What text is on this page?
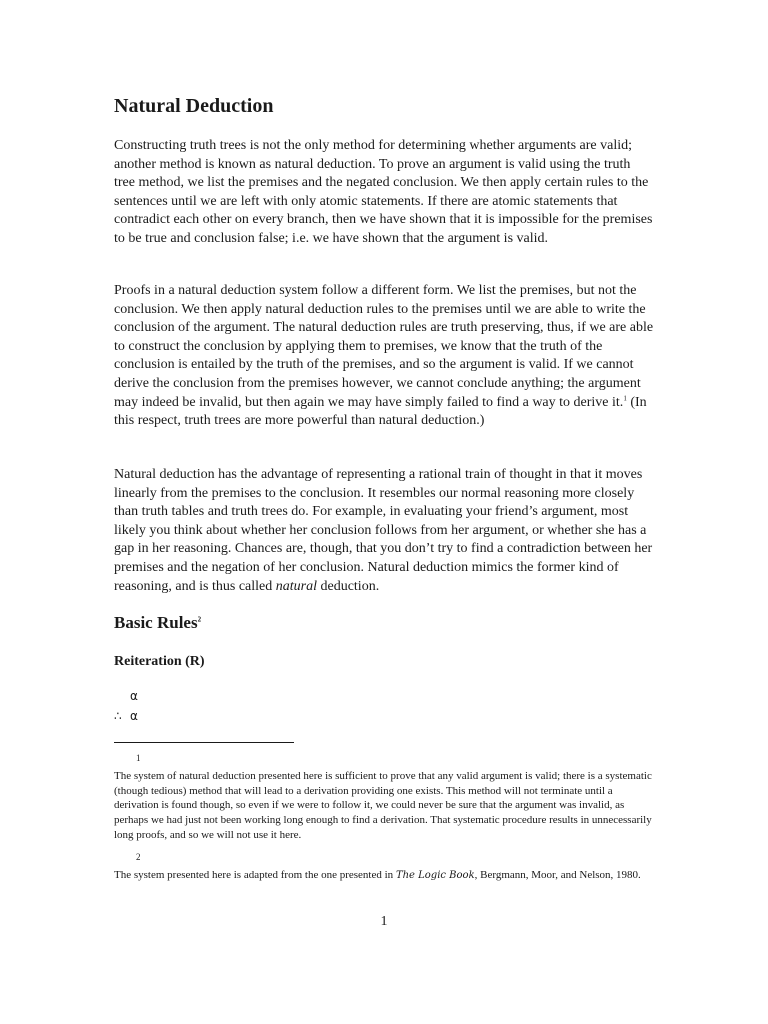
Natural Deduction

Constructing truth trees is not the only method for determining whether arguments are valid; another method is known as natural deduction. To prove an argument is valid using the truth tree method, we list the premises and the negated conclusion. We then apply certain rules to the sentences until we are left with only atomic statements. If there are atomic statements that contradict each other on every branch, then we have shown that it is impossible for the premises to be true and conclusion false; i.e. we have shown that the argument is valid.

Proofs in a natural deduction system follow a different form. We list the premises, but not the conclusion. We then apply natural deduction rules to the premises until we are able to write the conclusion of the argument. The natural deduction rules are truth preserving, thus, if we are able to construct the conclusion by applying them to premises, we know that the truth of the conclusion is entailed by the truth of the premises, and so the argument is valid. If we cannot derive the conclusion from the premises however, we cannot conclude anything; the argument may indeed be invalid, but then again we may have simply failed to find a way to derive it.$^1$ (In this respect, truth trees are more powerful than natural deduction.)

Natural deduction has the advantage of representing a rational train of thought in that it moves linearly from the premises to the conclusion. It resembles our normal reasoning more closely than truth tables and truth trees do. For example, in evaluating your friend’s argument, most likely you think about whether her conclusion follows from her argument, or whether she has a gap in her reasoning. Chances are, though, that you don’t try to find a contradiction between her premises and the negation of her conclusion. Natural deduction mimics the former kind of reasoning, and is thus called natural deduction.

Basic Rules$^2$
Reiteration (R)
α
∴ α
1

The system of natural deduction presented here is sufficient to prove that any valid argument is valid; there is a systematic (though tedious) method that will lead to a derivation providing one exists. This method will not terminate until a derivation is found though, so even if we were to follow it, we could never be sure that the argument was invalid, as perhaps we had just not been working long enough to find a derivation. That systematic procedure results in unnecessarily long proofs, and so we will not use it here.

2

The system presented here is adapted from the one presented in The Logic Book, Bergmann, Moor, and Nelson, 1980.

1
